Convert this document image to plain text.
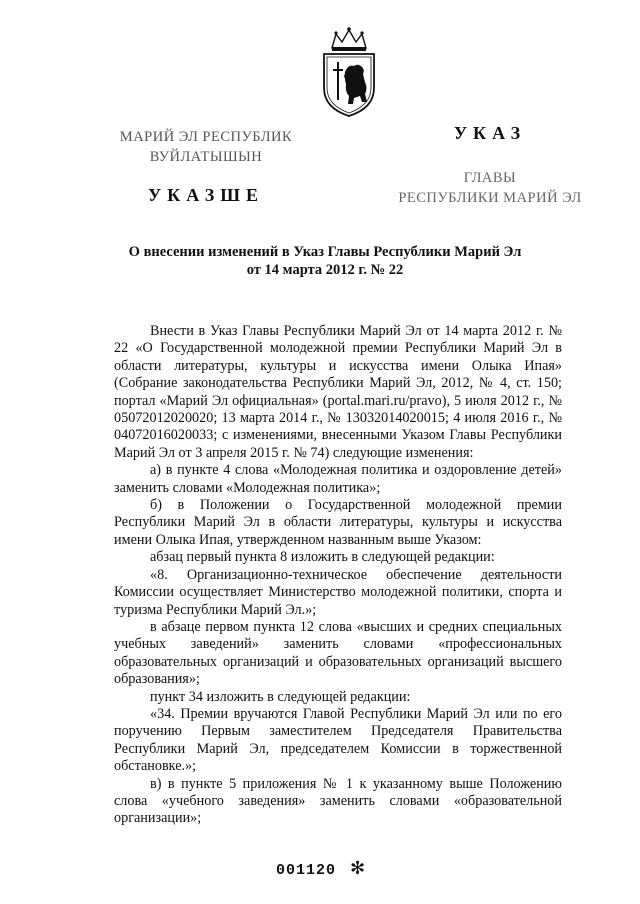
МАРИЙ ЭЛ РЕСПУБЛИК
ВУЙЛАТЫШЫН
УКАЗШЕ
УКАЗ
ГЛАВЫ
РЕСПУБЛИКИ МАРИЙ ЭЛ
О внесении изменений в Указ Главы Республики Марий Эл
от 14 марта 2012 г. № 22

Внести в Указ Главы Республики Марий Эл от 14 марта 2012 г. № 22 «О Государственной молодежной премии Республики Марий Эл в области литературы, культуры и искусства имени Олыка Ипая» (Собрание законодательства Республики Марий Эл, 2012, № 4, ст. 150; портал «Марий Эл официальная» (portal.mari.ru/pravo), 5 июля 2012 г., № 05072012020020; 13 марта 2014 г., № 13032014020015; 4 июля 2016 г., № 04072016020033; с изменениями, внесенными Указом Главы Республики Марий Эл от 3 апреля 2015 г. № 74) следующие изменения:

а) в пункте 4 слова «Молодежная политика и оздоровление детей» заменить словами «Молодежная политика»;

б) в Положении о Государственной молодежной премии Республики Марий Эл в области литературы, культуры и искусства имени Олыка Ипая, утвержденном названным выше Указом:

абзац первый пункта 8 изложить в следующей редакции:

«8. Организационно-техническое обеспечение деятельности Комиссии осуществляет Министерство молодежной политики, спорта и туризма Республики Марий Эл.»;

в абзаце первом пункта 12 слова «высших и средних специальных учебных заведений» заменить словами «профессиональных образовательных организаций и образовательных организаций высшего образования»;

пункт 34 изложить в следующей редакции:

«34. Премии вручаются Главой Республики Марий Эл или по его поручению Первым заместителем Председателя Правительства Республики Марий Эл, председателем Комиссии в торжественной обстановке.»;

в) в пункте 5 приложения № 1 к указанному выше Положению слова «учебного заведения» заменить словами «образовательной организации»;

001120 ✻
